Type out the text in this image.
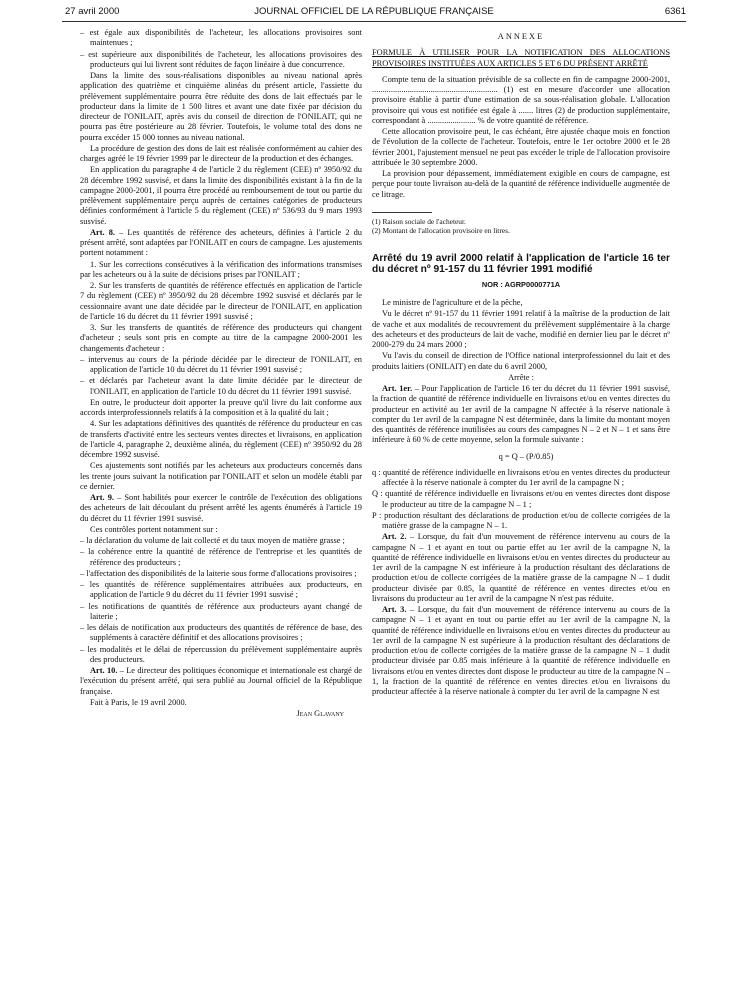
27 avril 2000	JOURNAL OFFICIEL DE LA RÉPUBLIQUE FRANÇAISE	6361

– est égale aux disponibilités de l'acheteur, les allocations provisoires sont maintenues ;

– est supérieure aux disponibilités de l'acheteur, les allocations provisoires des producteurs qui lui livrent sont réduites de façon linéaire à due concurrence.

Dans la limite des sous-réalisations disponibles au niveau national après application des quatrième et cinquième alinéas du présent article, l'assiette du prélèvement supplémentaire pourra être réduite des dons de lait effectués par le producteur dans la limite de 1 500 litres et avant une date fixée par décision du directeur de l'ONILAIT, après avis du conseil de direction de l'ONILAIT, qui ne pourra pas être postérieure au 28 février. Toutefois, le volume total des dons ne pourra excéder 15 000 tonnes au niveau national.

La procédure de gestion des dons de lait est réalisée conformément au cahier des charges agréé le 19 février 1999 par le directeur de la production et des échanges.

En application du paragraphe 4 de l'article 2 du règlement (CEE) nº 3950/92 du 28 décembre 1992 susvisé, et dans la limite des disponibilités existant à la fin de la campagne 2000-2001, il pourra être procédé au remboursement de tout ou partie du prélèvement supplémentaire perçu auprès de certaines catégories de producteurs définies conformément à l'article 5 du règlement (CEE) nº 536/93 du 9 mars 1993 susvisé.

Art. 8. – Les quantités de référence des acheteurs, définies à l'article 2 du présent arrêté, sont adaptées par l'ONILAIT en cours de campagne. Les ajustements portent notamment :

1. Sur les corrections consécutives à la vérification des informations transmises par les acheteurs ou à la suite de décisions prises par l'ONILAIT ;

2. Sur les transferts de quantités de référence effectués en application de l'article 7 du règlement (CEE) nº 3950/92 du 28 décembre 1992 susvisé et déclarés par le cessionnaire avant une date décidée par le directeur de l'ONILAIT, en application de l'article 16 du décret du 11 février 1991 susvisé ;

3. Sur les transferts de quantités de référence des producteurs qui changent d'acheteur ; seuls sont pris en compte au titre de la campagne 2000-2001 les changements d'acheteur :

– intervenus au cours de la période décidée par le directeur de l'ONILAIT, en application de l'article 10 du décret du 11 février 1991 susvisé ;

– et déclarés par l'acheteur avant la date limite décidée par le directeur de l'ONILAIT, en application de l'article 10 du décret du 11 février 1991 susvisé.

En outre, le producteur doit apporter la preuve qu'il livre du lait conforme aux accords interprofessionnels relatifs à la composition et à la qualité du lait ;

4. Sur les adaptations définitives des quantités de référence du producteur en cas de transferts d'activité entre les secteurs ventes directes et livraisons, en application de l'article 4, paragraphe 2, deuxième alinéa, du règlement (CEE) nº 3950/92 du 28 décembre 1992 susvisé.

Ces ajustements sont notifiés par les acheteurs aux producteurs concernés dans les trente jours suivant la notification par l'ONILAIT et selon un modèle établi par ce dernier.

Art. 9. – Sont habilités pour exercer le contrôle de l'exécution des obligations des acheteurs de lait découlant du présent arrêté les agents énumérés à l'article 19 du décret du 11 février 1991 susvisé.

Ces contrôles portent notamment sur :

– la déclaration du volume de lait collecté et du taux moyen de matière grasse ;

– la cohérence entre la quantité de référence de l'entreprise et les quantités de référence des producteurs ;

– l'affectation des disponibilités de la laiterie sous forme d'allocations provisoires ;

– les quantités de référence supplémentaires attribuées aux producteurs, en application de l'article 9 du décret du 11 février 1991 susvisé ;

– les notifications de quantités de référence aux producteurs ayant changé de laiterie ;

– les délais de notification aux producteurs des quantités de référence de base, des suppléments à caractère définitif et des allocations provisoires ;

– les modalités et le délai de répercussion du prélèvement supplémentaire auprès des producteurs.

Art. 10. – Le directeur des politiques économique et internationale est chargé de l'exécution du présent arrêté, qui sera publié au Journal officiel de la République française.

Fait à Paris, le 19 avril 2000.

Jean Glavany

ANNEXE

FORMULE À UTILISER POUR LA NOTIFICATION DES ALLOCATIONS PROVISOIRES INSTITUÉES AUX ARTICLES 5 ET 6 DU PRÉSENT ARRÊTÉ

Compte tenu de la situation prévisible de sa collecte en fin de campagne 2000-2001, ............................................................ (1) est en mesure d'accorder une allocation provisoire établie à partir d'une estimation de sa sous-réalisation globale. L'allocation provisoire qui vous est notifiée est égale à ....... litres (2) de production supplémentaire, correspondant à ....................... % de votre quantité de référence.

Cette allocation provisoire peut, le cas échéant, être ajustée chaque mois en fonction de l'évolution de la collecte de l'acheteur. Toutefois, entre le 1er octobre 2000 et le 28 février 2001, l'ajustement mensuel ne peut pas excéder le triple de l'allocation provisoire attribuée le 30 septembre 2000.

La provision pour dépassement, immédiatement exigible en cours de campagne, est perçue pour toute livraison au-delà de la quantité de référence individuelle augmentée de ce litrage.

(1) Raison sociale de l'acheteur.

(2) Montant de l'allocation provisoire en litres.

Arrêté du 19 avril 2000 relatif à l'application de l'article 16 ter du décret nº 91-157 du 11 février 1991 modifié
NOR : AGRP0000771A

Le ministre de l'agriculture et de la pêche,

Vu le décret nº 91-157 du 11 février 1991 relatif à la maîtrise de la production de lait de vache et aux modalités de recouvrement du prélèvement supplémentaire à la charge des acheteurs et des producteurs de lait de vache, modifié en dernier lieu par le décret nº 2000-279 du 24 mars 2000 ;

Vu l'avis du conseil de direction de l'Office national interprofessionnel du lait et des produits laitiers (ONILAIT) en date du 6 avril 2000,

Arrête :

Art. 1er. – Pour l'application de l'article 16 ter du décret du 11 février 1991 susvisé, la fraction de quantité de référence individuelle en livraisons et/ou en ventes directes du producteur en activité au 1er avril de la campagne N affectée à la réserve nationale à compter du 1er avril de la campagne N est déterminée, dans la limite du montant moyen des quantités de référence inutilisées au cours des campagnes N – 2 et N – 1 et sans être inférieure à 60 % de cette moyenne, selon la formule suivante :

q = Q – (P/0.85)

q : quantité de référence individuelle en livraisons et/ou en ventes directes du producteur affectée à la réserve nationale à compter du 1er avril de la campagne N ;

Q : quantité de référence individuelle en livraisons et/ou en ventes directes dont dispose le producteur au titre de la campagne N – 1 ;

P : production résultant des déclarations de production et/ou de collecte corrigées de la matière grasse de la campagne N – 1.

Art. 2. – Lorsque, du fait d'un mouvement de référence intervenu au cours de la campagne N – 1 et ayant en tout ou partie effet au 1er avril de la campagne N, la quantité de référence individuelle en livraisons et/ou en ventes directes du producteur au 1er avril de la campagne N est inférieure à la production résultant des déclarations de production et/ou de collecte corrigées de la matière grasse de la campagne N – 1 dudit producteur divisée par 0.85, la quantité de référence en ventes directes et/ou en livraisons du producteur au 1er avril de la campagne N n'est pas réduite.

Art. 3. – Lorsque, du fait d'un mouvement de référence intervenu au cours de la campagne N – 1 et ayant en tout ou partie effet au 1er avril de la campagne N, la quantité de référence individuelle en livraisons et/ou en ventes directes du producteur au 1er avril de la campagne N est supérieure à la production résultant des déclarations de production et/ou de collecte corrigées de la matière grasse de la campagne N – 1 dudit producteur divisée par 0.85 mais inférieure à la quantité de référence individuelle en livraisons et/ou en ventes directes dont dispose le producteur au titre de la campagne N – 1, la fraction de la quantité de référence en ventes directes et/ou en livraisons du producteur affectée à la réserve nationale à compter du 1er avril de la campagne N est
